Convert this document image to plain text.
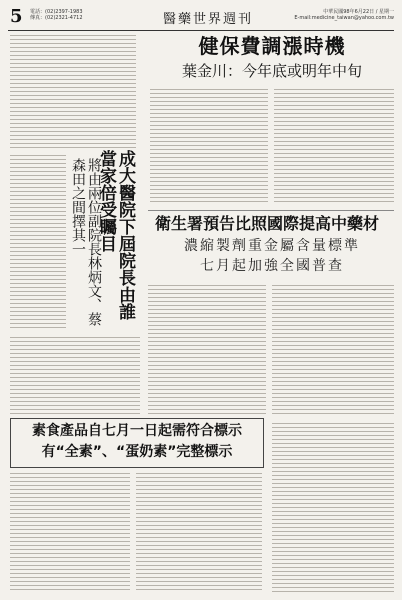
5 電話：(02)2397-1983
傳真：(02)2321-4712	醫藥世界週刊	中華民國98年6月22日 / 星期一
E-mail:medicine_taiwan@yahoo.com.tw
成大醫院下屆院長由誰當家倍受矚目
將由兩位副院長林炳文、蔡森田之間擇其一
健保費調漲時機
葉金川：今年底或明年中旬
衛生署預告比照國際提高中藥材
濃縮製劑重金屬含量標準
七月起加強全國普查
素食產品自七月一日起需符合標示
有“全素”、“蛋奶素”完整標示
